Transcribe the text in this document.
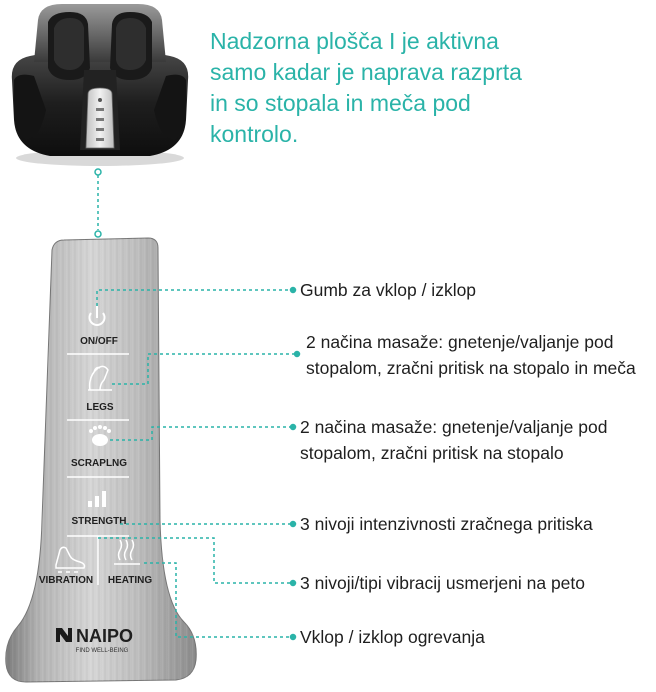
Nadzorna plošča I je aktivna
samo kadar je naprava razprta
in so stopala in meča pod
kontrolo.
ON/OFF
LEGS
SCRAPLNG
STRENGTH
VIBRATION HEATING
NAIPO
FIND WELL-BEING
Gumb za vklop / izklop
2 načina masaže: gnetenje/valjanje pod
stopalom, zračni pritisk na stopalo in meča
2 načina masaže: gnetenje/valjanje pod
stopalom, zračni pritisk na stopalo
3 nivoji intenzivnosti zračnega pritiska
3 nivoji/tipi vibracij usmerjeni na peto
Vklop / izklop ogrevanja
